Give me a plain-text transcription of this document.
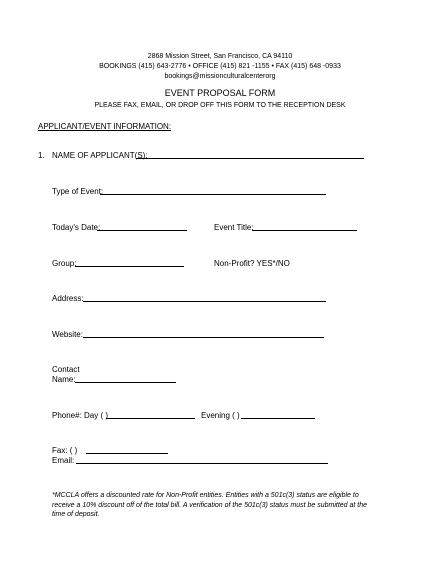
2868 Mission Street, San Francisco, CA 94110
BOOKINGS (415) 643-2776 • OFFICE (415) 821 -1155 • FAX (415) 648 -0933
bookings@missionculturalcenterorg
EVENT PROPOSAL FORM
PLEASE FAX, EMAIL, OR DROP OFF THIS FORM TO THE RECEPTION DESK
APPLICANT/EVENT INFORMATION:
1. NAME OF APPLICANT(S):
Type of Event:
Today's Date:	Event Title:
Group:	Non-Profit? YES*/NO
Address:
Website:
Contact
Name:
Phone#: Day ( )	Evening ( )
Fax: ( )
Email:
*MCCLA offers a discounted rate for Non-Profit entities. Entities with a 501c(3) status are eligible to receive a 10% discount off of the total bill. A verification of the 501c(3) status must be submitted at the time of deposit.
